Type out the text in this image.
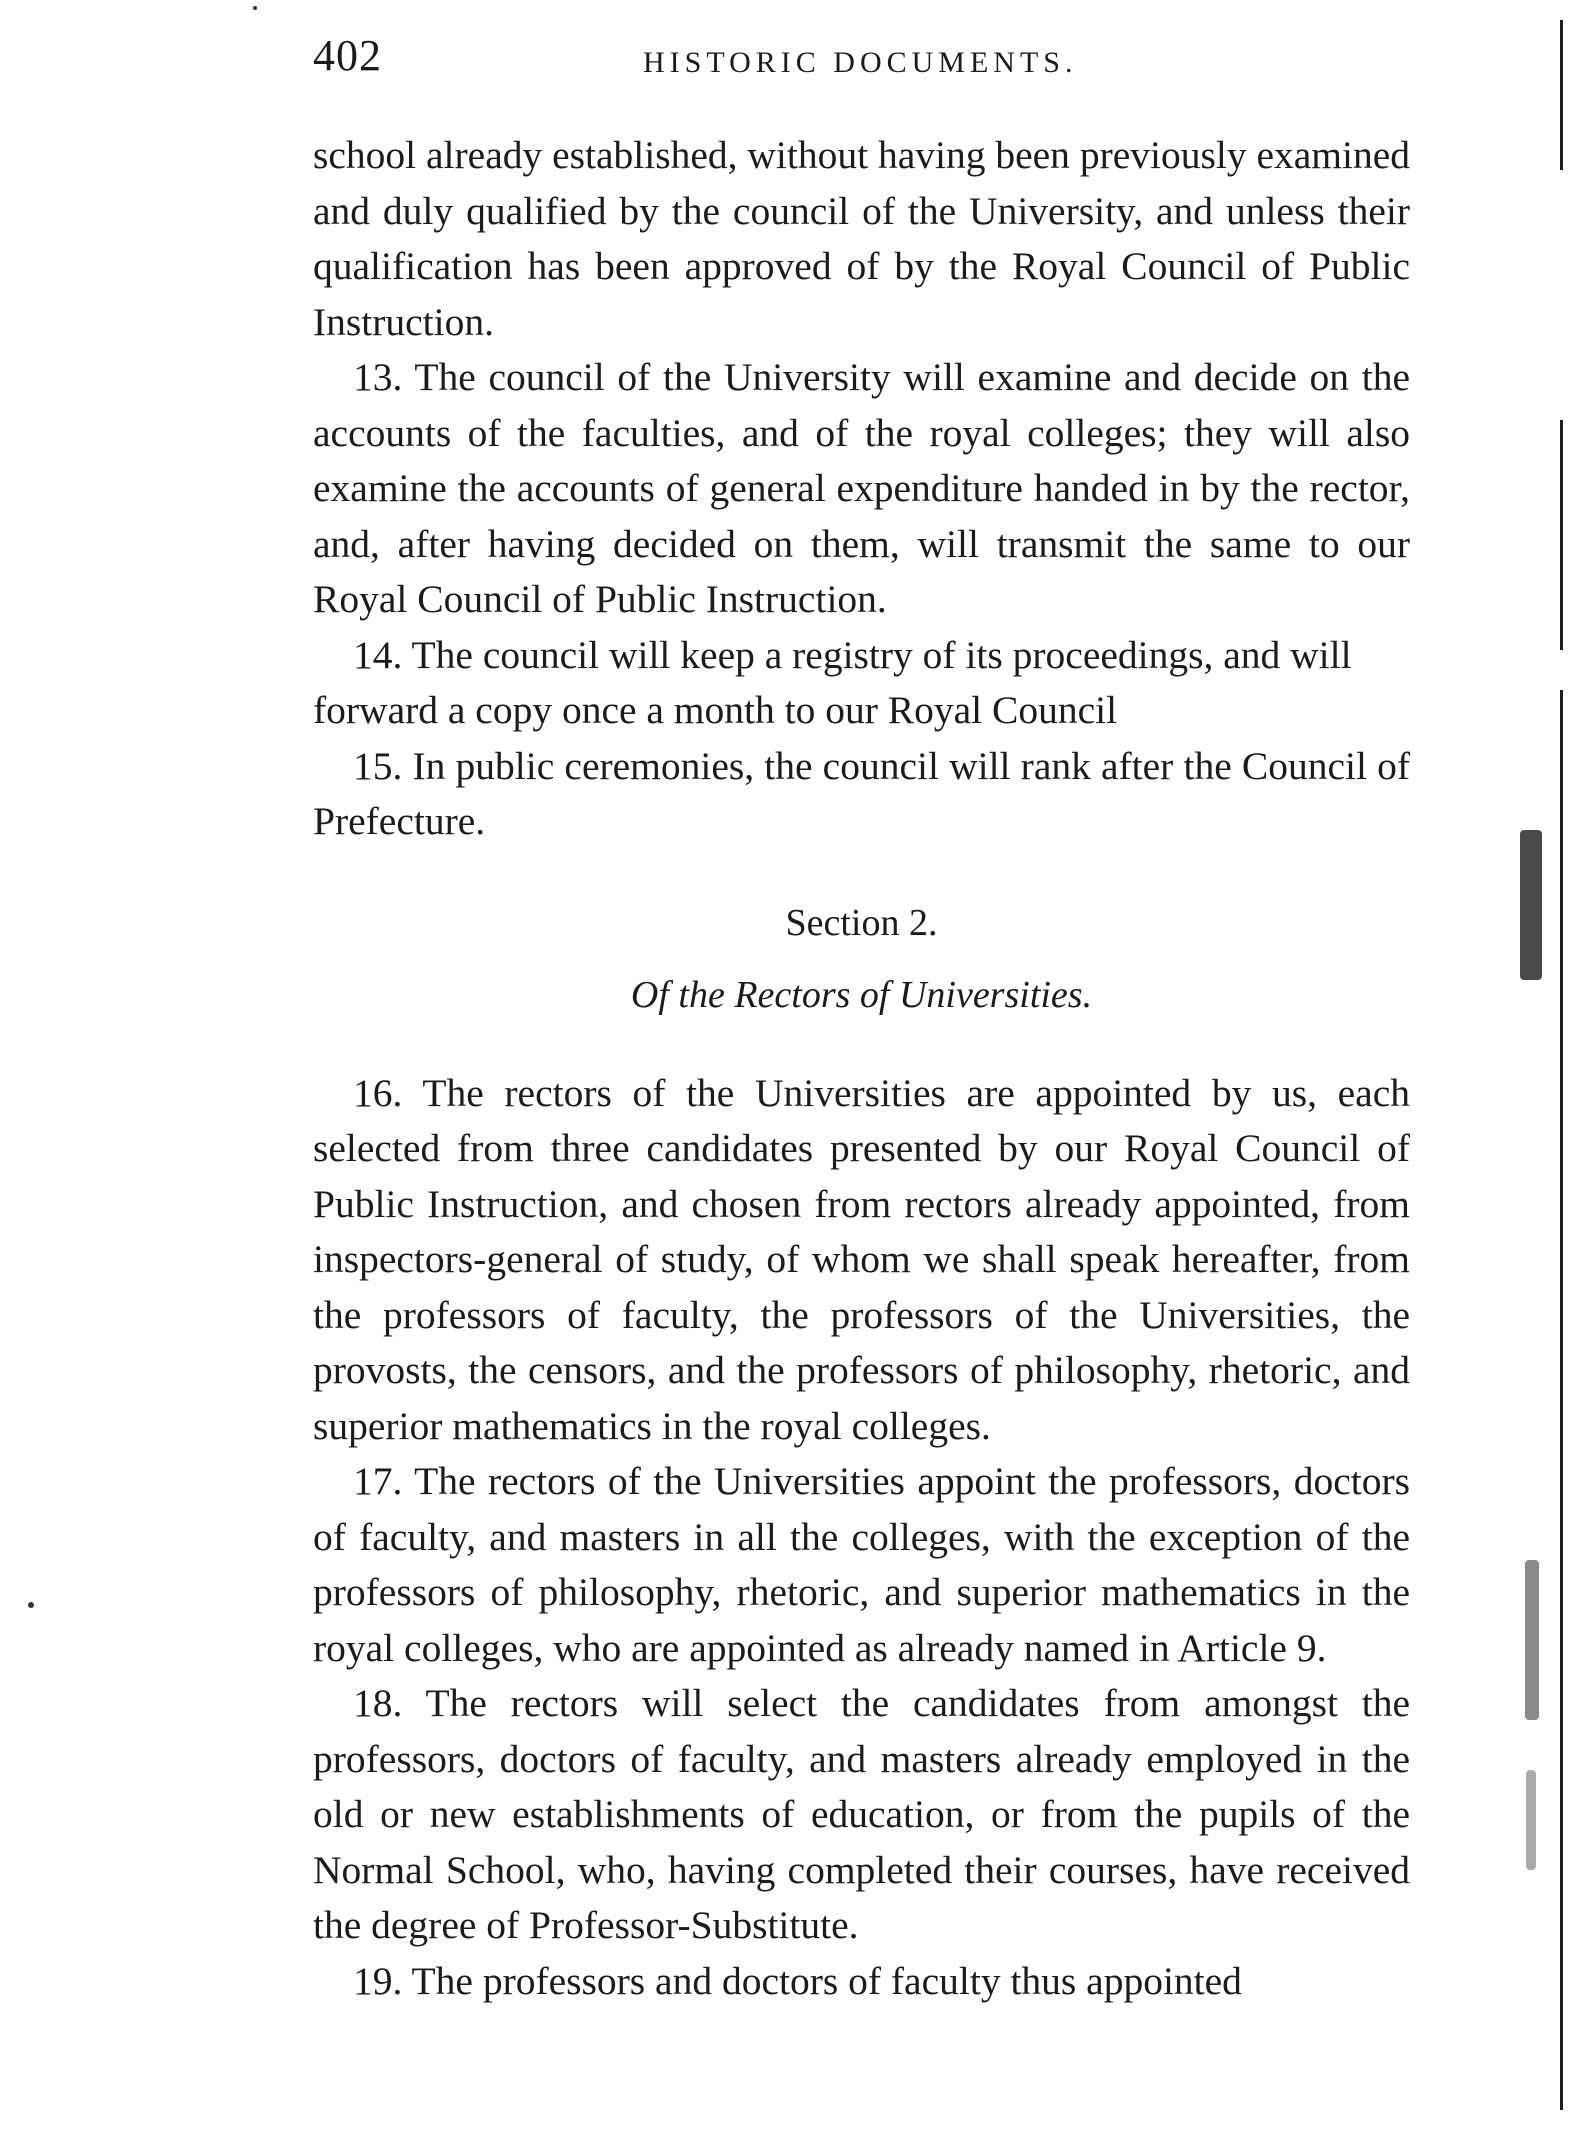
402	HISTORIC DOCUMENTS.

school already established, without having been previously examined and duly qualified by the council of the University, and unless their qualification has been approved of by the Royal Council of Public Instruction.

13. The council of the University will examine and decide on the accounts of the faculties, and of the royal colleges; they will also examine the accounts of general expenditure handed in by the rector, and, after having decided on them, will transmit the same to our Royal Council of Public Instruction.

14. The council will keep a registry of its proceedings, and will forward a copy once a month to our Royal Council

15. In public ceremonies, the council will rank after the Council of Prefecture.

Section 2.
Of the Rectors of Universities.

16. The rectors of the Universities are appointed by us, each selected from three candidates presented by our Royal Council of Public Instruction, and chosen from rectors already appointed, from inspectors-general of study, of whom we shall speak hereafter, from the professors of faculty, the professors of the Universities, the provosts, the censors, and the professors of philosophy, rhetoric, and superior mathematics in the royal colleges.

17. The rectors of the Universities appoint the professors, doctors of faculty, and masters in all the colleges, with the exception of the professors of philosophy, rhetoric, and superior mathematics in the royal colleges, who are appointed as already named in Article 9.

18. The rectors will select the candidates from amongst the professors, doctors of faculty, and masters already employed in the old or new establishments of education, or from the pupils of the Normal School, who, having completed their courses, have received the degree of Professor-Substitute.

19. The professors and doctors of faculty thus appointed
